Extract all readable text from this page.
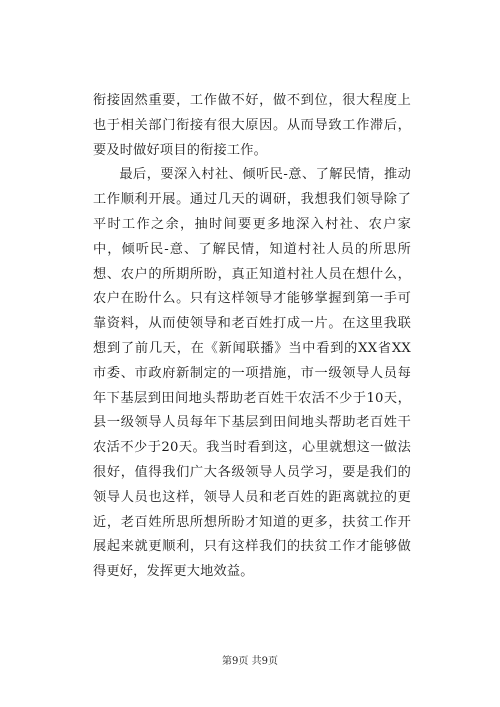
衔接固然重要，工作做不好，做不到位，很大程度上也于相关部门衔接有很大原因。从而导致工作滞后，要及时做好项目的衔接工作。

最后，要深入村社、倾听民-意、了解民情，推动工作顺利开展。通过几天的调研，我想我们领导除了平时工作之余，抽时间要更多地深入村社、农户家中，倾听民-意、了解民情，知道村社人员的所思所想、农户的所期所盼，真正知道村社人员在想什么，农户在盼什么。只有这样领导才能够掌握到第一手可靠资料，从而使领导和老百姓打成一片。在这里我联想到了前几天，在《新闻联播》当中看到的XX省XX市委、市政府新制定的一项措施，市一级领导人员每年下基层到田间地头帮助老百姓干农活不少于10天，县一级领导人员每年下基层到田间地头帮助老百姓干农活不少于20天。我当时看到这，心里就想这一做法很好，值得我们广大各级领导人员学习，要是我们的领导人员也这样，领导人员和老百姓的距离就拉的更近，老百姓所思所想所盼才知道的更多，扶贫工作开展起来就更顺利，只有这样我们的扶贫工作才能够做得更好，发挥更大地效益。

第9页 共9页
